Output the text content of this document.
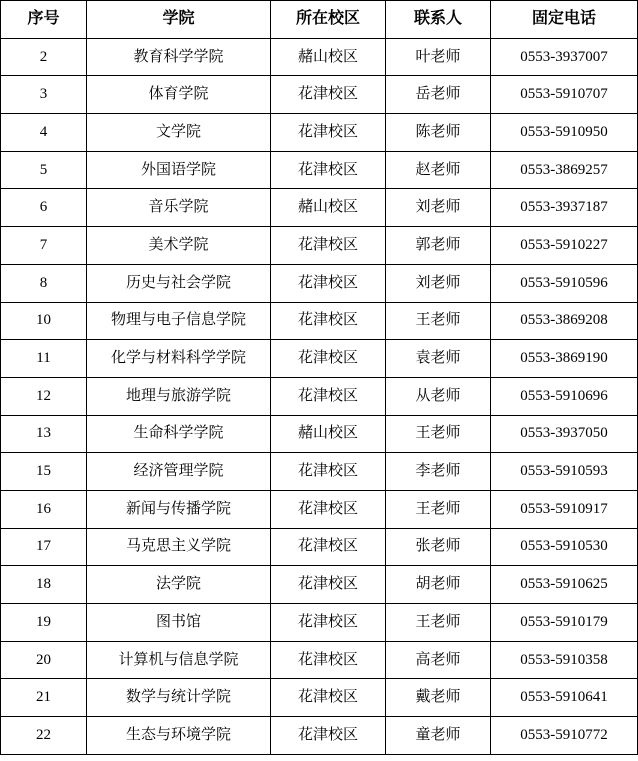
序号	学院	所在校区	联系人	固定电话
2	教育科学学院	赭山校区	叶老师	0553-3937007
3	体育学院	花津校区	岳老师	0553-5910707
4	文学院	花津校区	陈老师	0553-5910950
5	外国语学院	花津校区	赵老师	0553-3869257
6	音乐学院	赭山校区	刘老师	0553-3937187
7	美术学院	花津校区	郭老师	0553-5910227
8	历史与社会学院	花津校区	刘老师	0553-5910596
10	物理与电子信息学院	花津校区	王老师	0553-3869208
11	化学与材料科学学院	花津校区	袁老师	0553-3869190
12	地理与旅游学院	花津校区	从老师	0553-5910696
13	生命科学学院	赭山校区	王老师	0553-3937050
15	经济管理学院	花津校区	李老师	0553-5910593
16	新闻与传播学院	花津校区	王老师	0553-5910917
17	马克思主义学院	花津校区	张老师	0553-5910530
18	法学院	花津校区	胡老师	0553-5910625
19	图书馆	花津校区	王老师	0553-5910179
20	计算机与信息学院	花津校区	高老师	0553-5910358
21	数学与统计学院	花津校区	戴老师	0553-5910641
22	生态与环境学院	花津校区	童老师	0553-5910772
